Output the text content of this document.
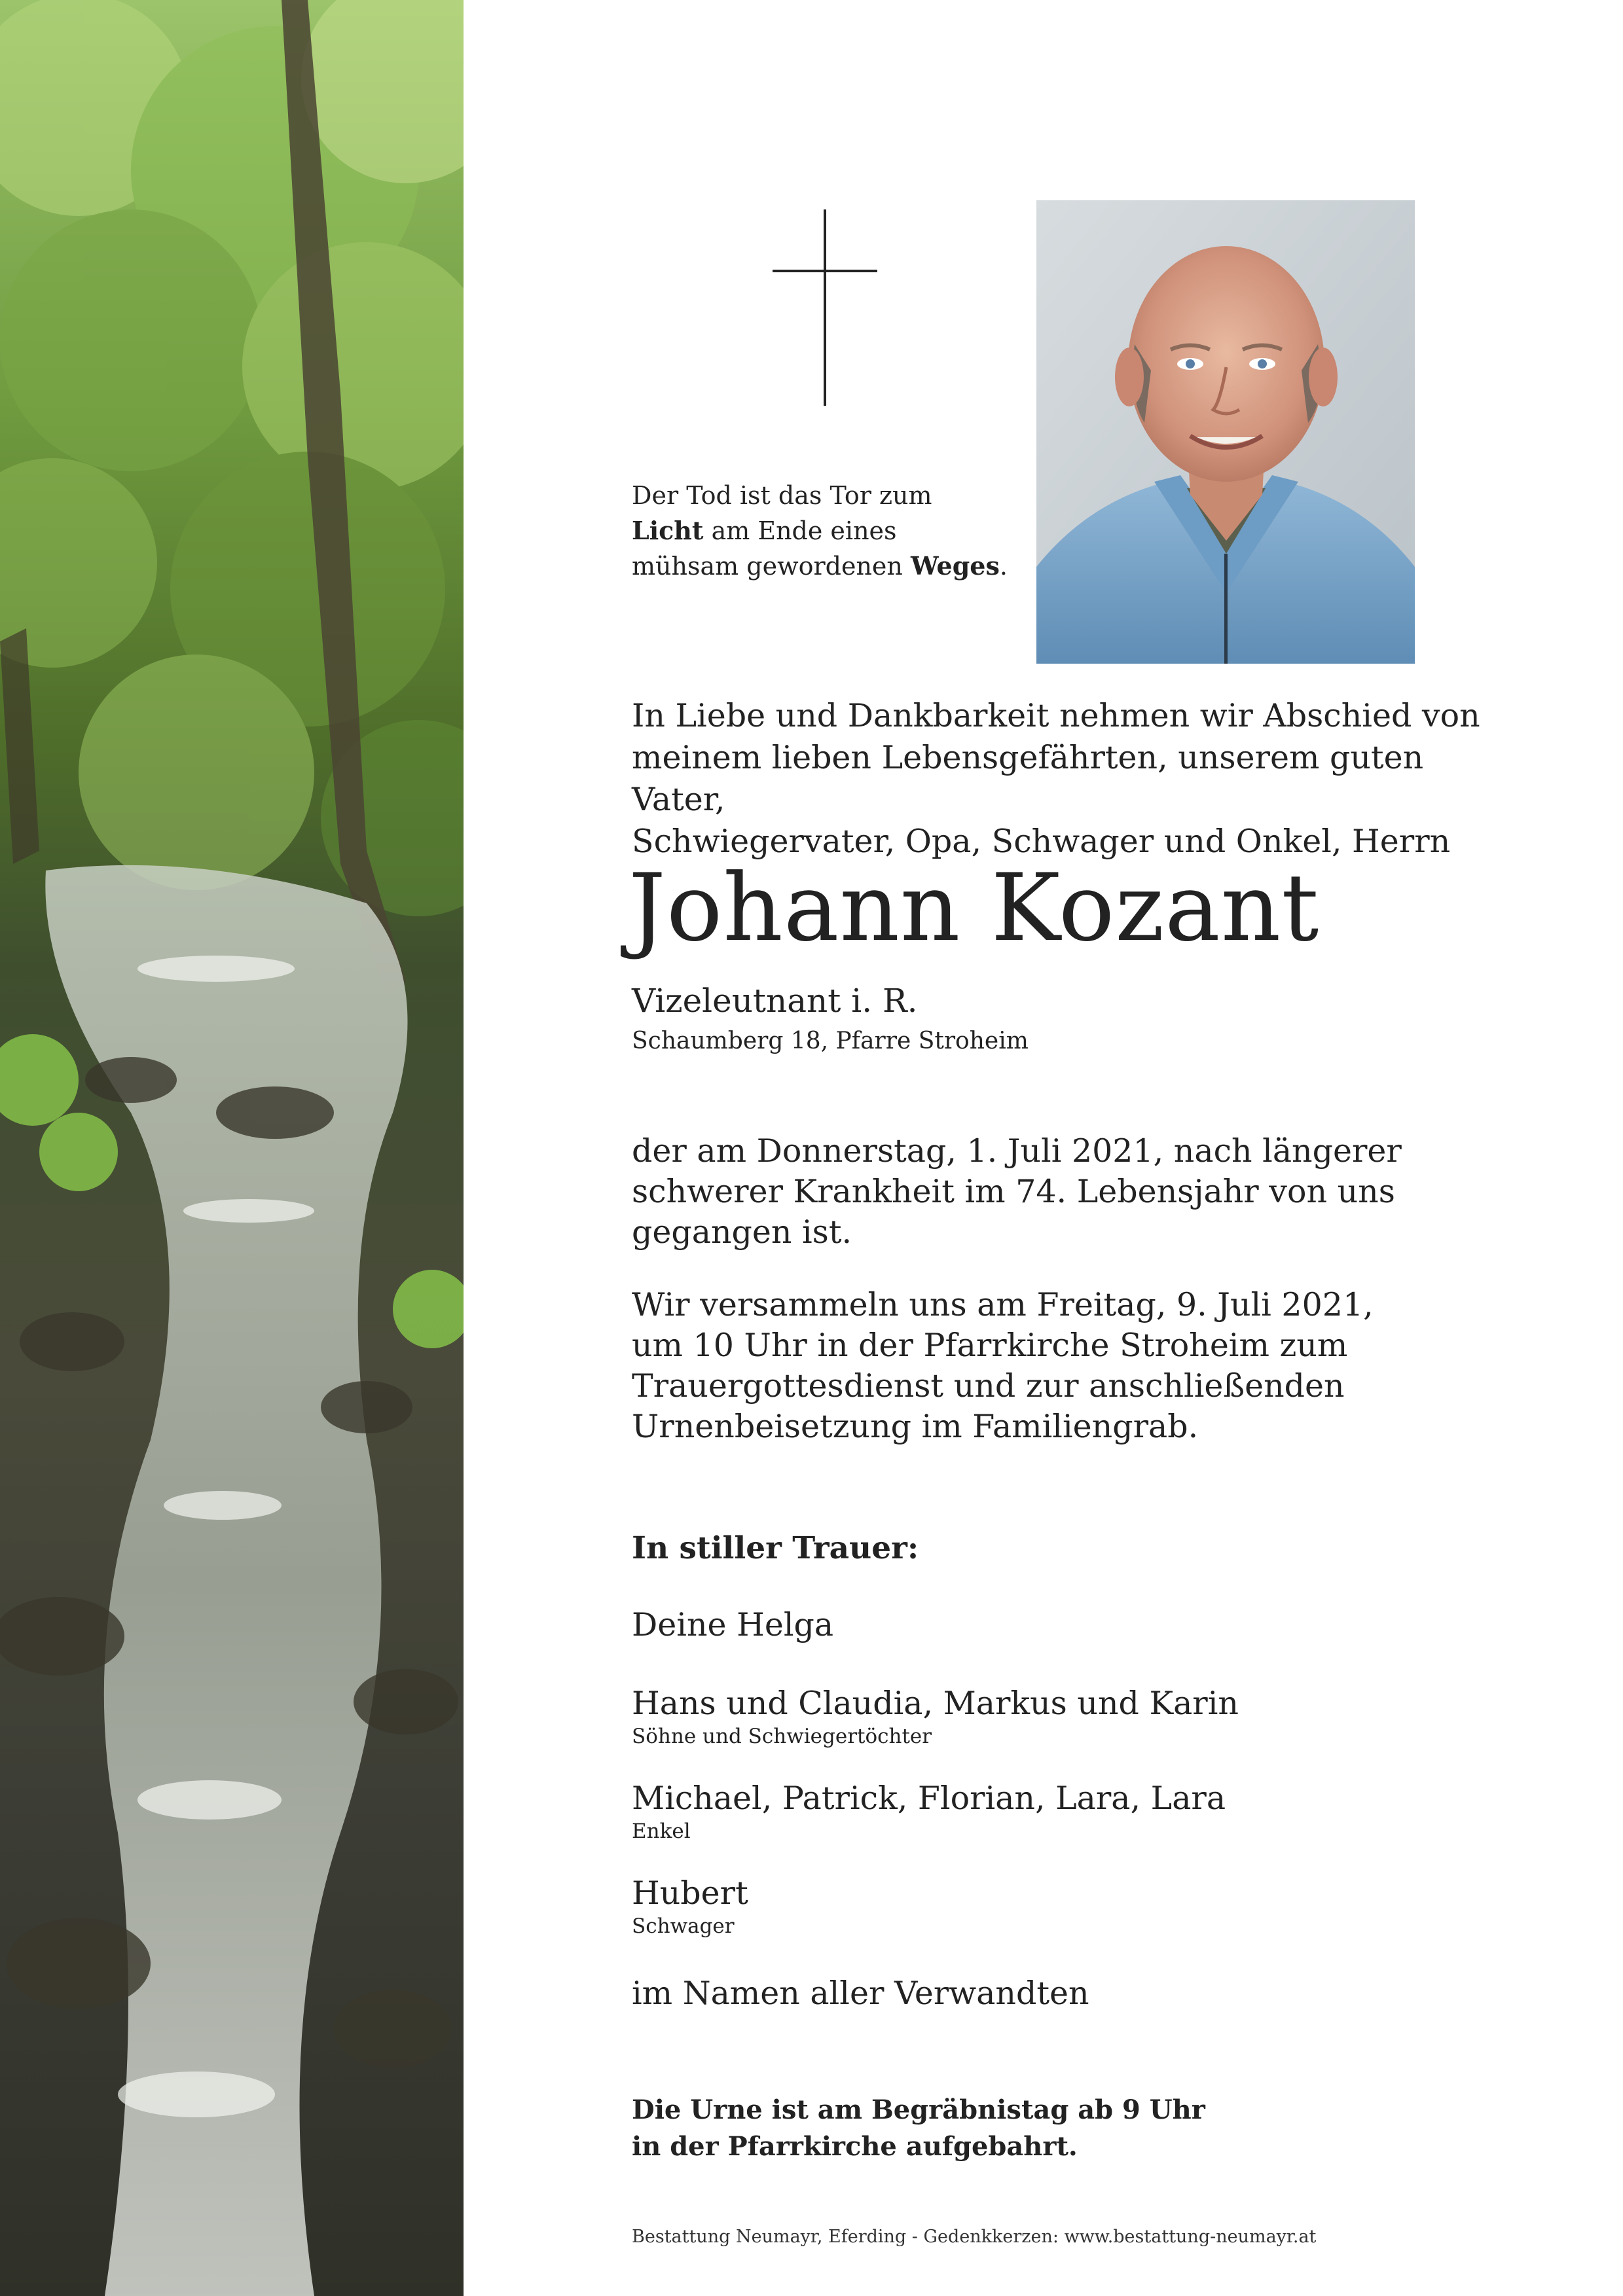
Der Tod ist das Tor zum

Licht am Ende eines

mühsam gewordenen Weges.

In Liebe und Dankbarkeit nehmen wir Abschied von

meinem lieben Lebensgefährten, unserem guten Vater,

Schwiegervater, Opa, Schwager und Onkel, Herrn

Johann Kozant
Vizeleutnant i. R.
Schaumberg 18, Pfarre Stroheim

der am Donnerstag, 1. Juli 2021, nach längerer

schwerer Krankheit im 74. Lebensjahr von uns

gegangen ist.

Wir versammeln uns am Freitag, 9. Juli 2021,

um 10 Uhr in der Pfarrkirche Stroheim zum

Trauergottesdienst und zur anschließenden

Urnenbeisetzung im Familiengrab.

In stiller Trauer:
Deine Helga
Hans und Claudia, Markus und Karin
Söhne und Schwiegertöchter
Michael, Patrick, Florian, Lara, Lara
Enkel
Hubert
Schwager
im Namen aller Verwandten

Die Urne ist am Begräbnistag ab 9 Uhr

in der Pfarrkirche aufgebahrt.

Bestattung Neumayr, Eferding - Gedenkkerzen: www.bestattung-neumayr.at
